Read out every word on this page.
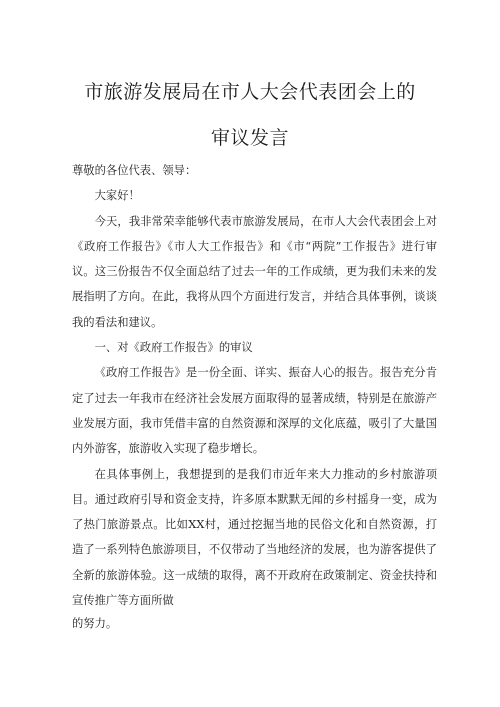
市旅游发展局在市人大会代表团会上的
审议发言

尊敬的各位代表、领导：

大家好！

今天，我非常荣幸能够代表市旅游发展局，在市人大会代表团会上对《政府工作报告》《市人大工作报告》和《市“两院”工作报告》进行审议。这三份报告不仅全面总结了过去一年的工作成绩，更为我们未来的发展指明了方向。在此，我将从四个方面进行发言，并结合具体事例，谈谈我的看法和建议。

一、对《政府工作报告》的审议

《政府工作报告》是一份全面、详实、振奋人心的报告。报告充分肯定了过去一年我市在经济社会发展方面取得的显著成绩，特别是在旅游产业发展方面，我市凭借丰富的自然资源和深厚的文化底蕴，吸引了大量国内外游客，旅游收入实现了稳步增长。

在具体事例上，我想提到的是我们市近年来大力推动的乡村旅游项目。通过政府引导和资金支持，许多原本默默无闻的乡村摇身一变，成为了热门旅游景点。比如XX村，通过挖掘当地的民俗文化和自然资源，打造了一系列特色旅游项目，不仅带动了当地经济的发展，也为游客提供了全新的旅游体验。这一成绩的取得，离不开政府在政策制定、资金扶持和宣传推广等方面所做

的努力。
